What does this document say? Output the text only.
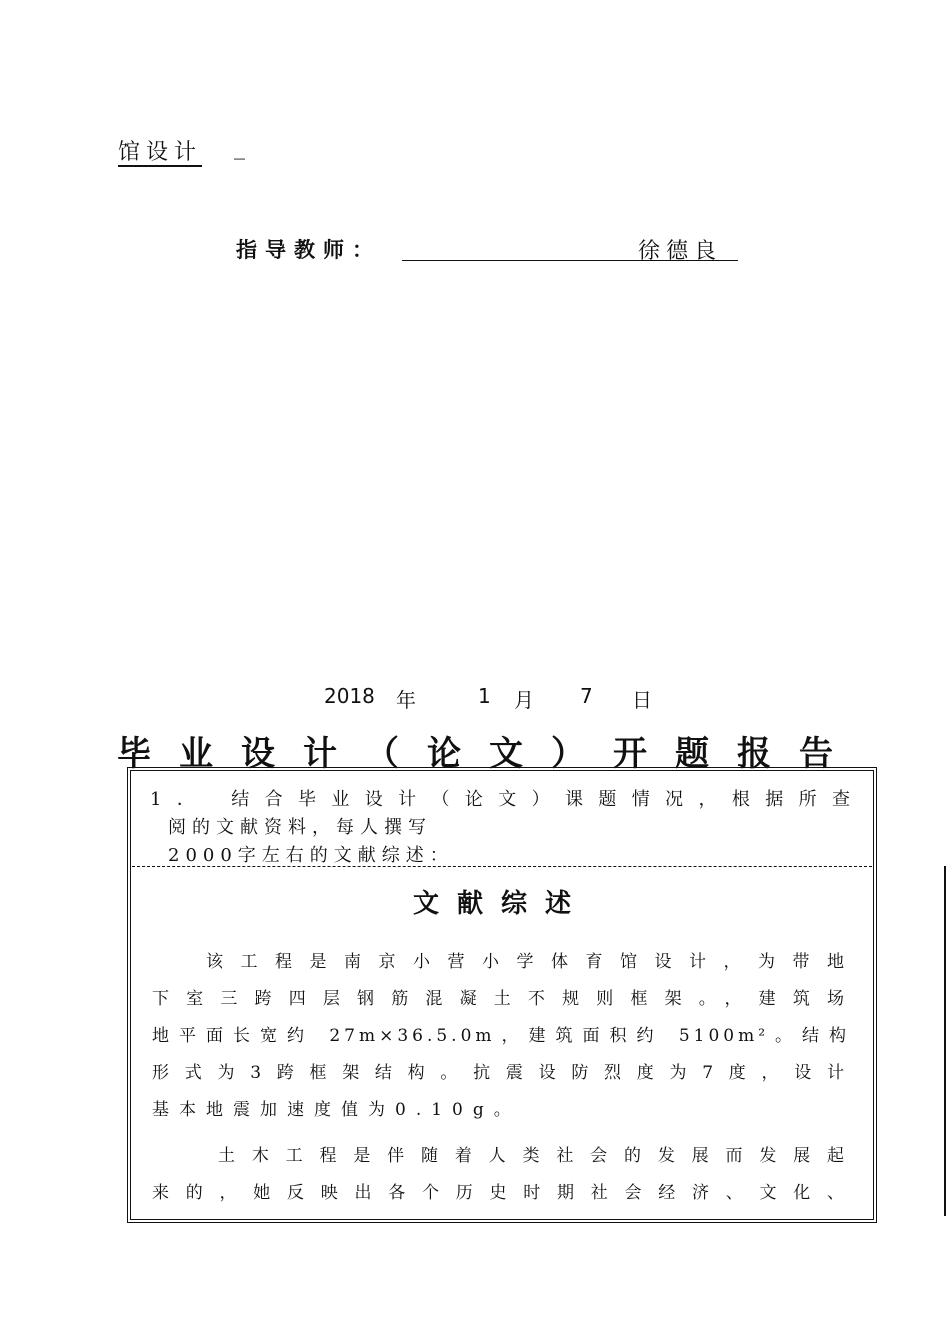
馆设计 _
指导教师：	徐德良
2018 年	1 月 7 日
毕业设计（论文）开题报告
1． 结合毕业设计（论文）课题情况，根据所查
阅的文献资料，每人撰写
2000字左右的文献综述：
文献综述
该工程是南京小营小学体育馆设计，为带地
下室三跨四层钢筋混凝土不规则框架。，建筑场
地平面长宽约 27m×36.5.0m，建筑面积约 5100m²。结构
形式为3跨框架结构。抗震设防烈度为7度，设计
基本地震加速度值为0.10g。
土木工程是伴随着人类社会的发展而发展起
来的，她反映出各个历史时期社会经济、文化、
